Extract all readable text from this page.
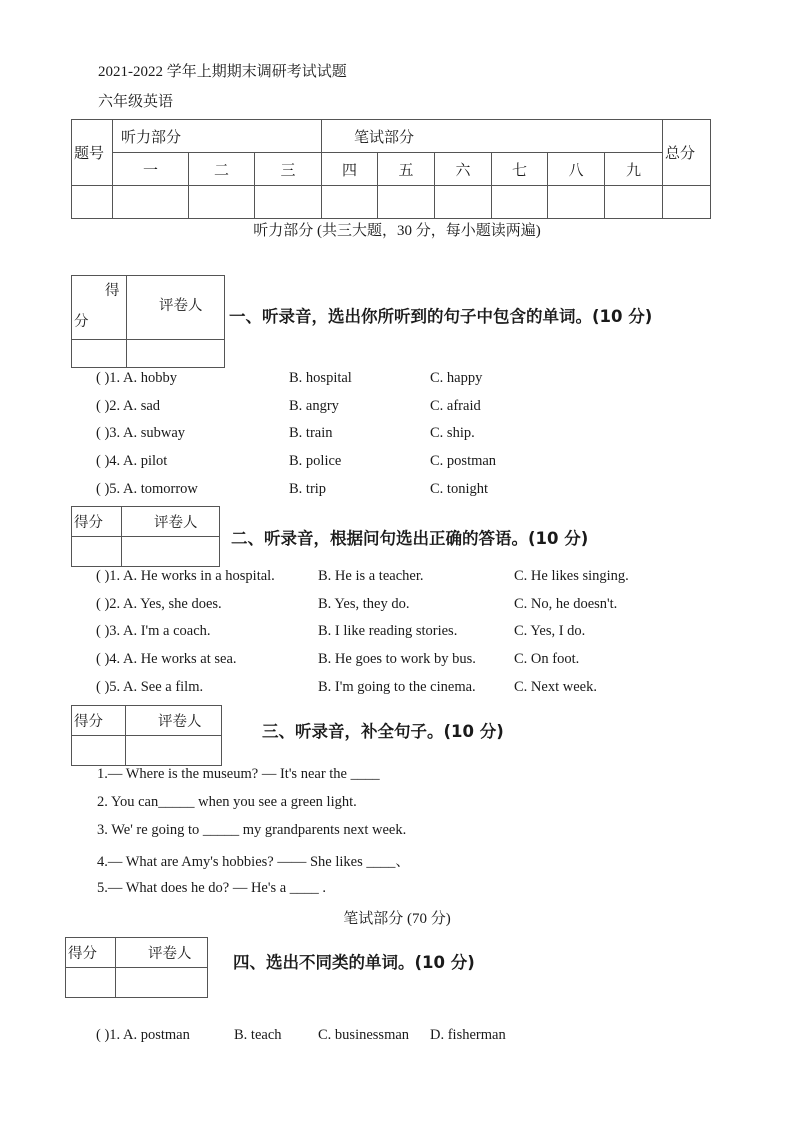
2021-2022 学年上期期末调研考试试题
六年级英语
题号	听力部分			笔试部分						总分
	一	二	三	四	五	六	七	八	九	

听力部分 (共三大题，30 分，每小题读两遍)
得
分	评卷人

一、听录音，选出你所听到的句子中包含的单词。(10 分)
( )1. A. hobby	B. hospital	C. happy
( )2. A. sad	B. angry	C. afraid
( )3. A. subway	B. train	C. ship.
( )4. A. pilot	B. police	C. postman
( )5. A. tomorrow	B. trip	C. tonight
得分	评卷人

二、听录音，根据问句选出正确的答语。(10 分)
( )1. A. He works in a hospital.	B. He is a teacher.	C. He likes singing.
( )2. A. Yes, she does.	B. Yes, they do.	C. No, he doesn't.
( )3. A. I'm a coach.	B. I like reading stories.	C. Yes, I do.
( )4. A. He works at sea.	B. He goes to work by bus.	C. On foot.
( )5. A. See a film.	B. I'm going to the cinema.	C. Next week.
得分	评卷人
		三、听录音，补全句子。(10 分)
1.— Where is the museum? — It's near the ____
2. You can_____ when you see a green light.
3. We' re going to _____ my grandparents next week.
4.— What are Amy's hobbies? —— She likes ____、
5.— What does he do? — He's a ____ .
笔试部分 (70 分)
得分	评卷人
		四、选出不同类的单词。(10 分)
( )1. A. postman	B. teach	C. businessman D. fisherman
